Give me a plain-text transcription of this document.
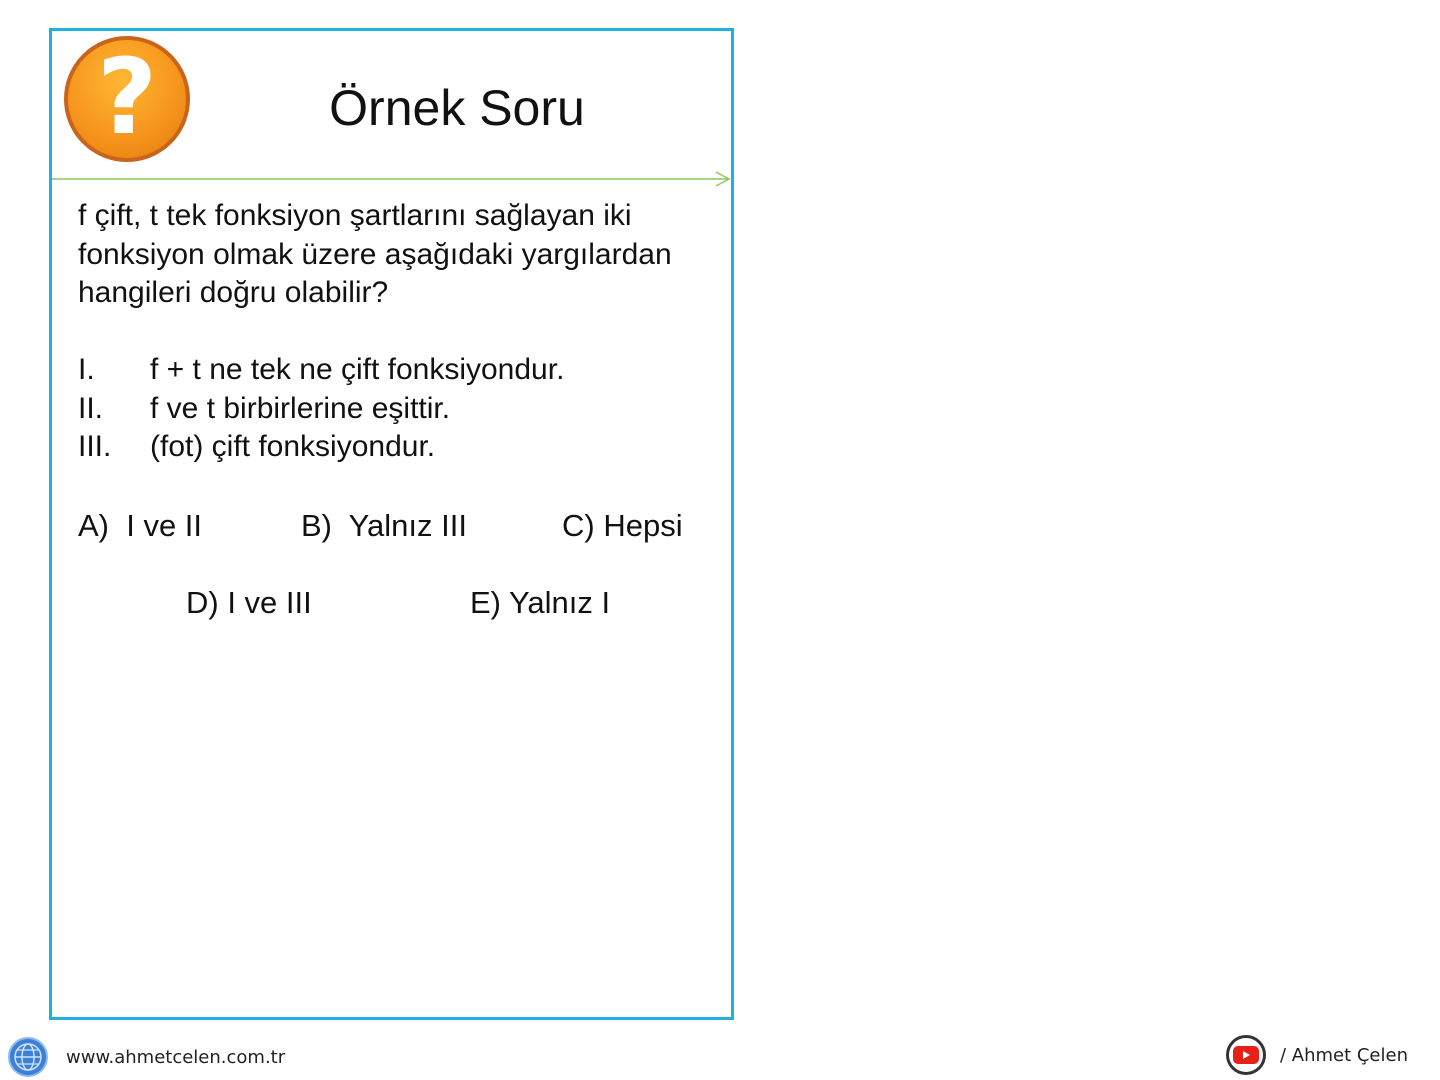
?	Örnek Soru

f çift, t tek fonksiyon şartlarını sağlayan iki
fonksiyon olmak üzere aşağıdaki yargılardan
hangileri doğru olabilir?

I.	f + t ne tek ne çift fonksiyondur.
II.	f ve t birbirlerine eşittir.
III.	(fot) çift fonksiyondur.
A)  I ve II	B)  Yalnız III	C) Hepsi
D) I ve III	E) Yalnız I
www.ahmetcelen.com.tr	/ Ahmet Çelen
